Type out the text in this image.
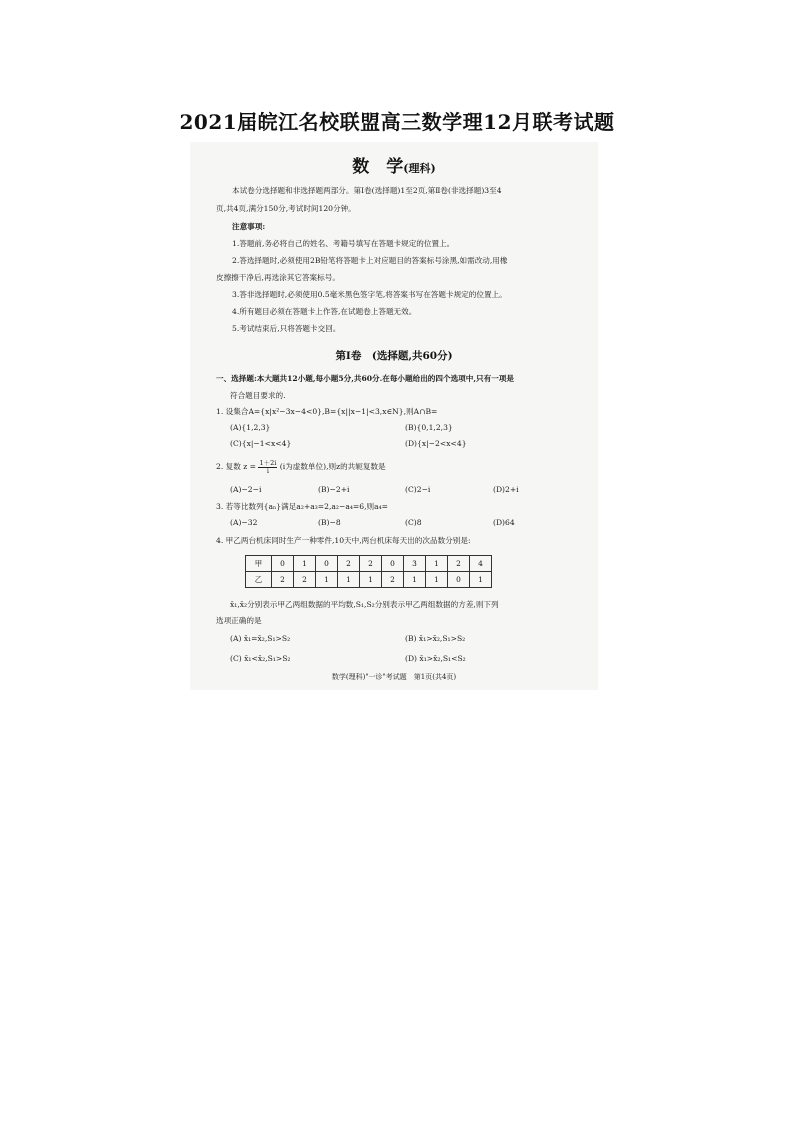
2021届皖江名校联盟高三数学理12月联考试题
数　学(理科)
本试卷分选择题和非选择题两部分。第Ⅰ卷(选择题)1至2页,第Ⅱ卷(非选择题)3至4
页,共4页,满分150分,考试时间120分钟。
注意事项:
1.答题前,务必将自己的姓名、考籍号填写在答题卡规定的位置上。
2.答选择题时,必须使用2B铅笔将答题卡上对应题目的答案标号涂黑,如需改动,用橡
皮擦擦干净后,再选涂其它答案标号。
3.答非选择题时,必须使用0.5毫米黑色签字笔,将答案书写在答题卡规定的位置上。
4.所有题目必须在答题卡上作答,在试题卷上答题无效。
5.考试结束后,只将答题卡交回。
第Ⅰ卷　(选择题,共60分)
一、选择题:本大题共12小题,每小题5分,共60分.在每小题给出的四个选项中,只有一项是
符合题目要求的.
1. 设集合A={x|x²−3x−4<0},B={x||x−1|<3,x∈N},则A∩B=
(A){1,2,3}	(B){0,1,2,3}
(C){x|−1<x<4}	(D){x|−2<x<4}
2. 复数 $z = \frac{1+2i}{i} (i$为虚数单位),则z的共轭复数是
(A)−2−i	(B)−2+i	(C)2−i	(D)2+i
3. 若等比数列{aₙ}满足a₂+a₃=2,a₂−a₄=6,则a₄=
(A)−32	(B)−8	(C)8	(D)64
4. 甲乙两台机床同时生产一种零件,10天中,两台机床每天出的次品数分别是:
甲	0	1	0	2	2	0	3	1	2	4
乙	2	2	1	1	1	2	1	1	0	1
x̄₁,x̄₂分别表示甲乙两组数据的平均数,S₁,S₂分别表示甲乙两组数据的方差,则下列
选项正确的是
(A) x̄₁=x̄₂,S₁>S₂	(B) x̄₁>x̄₂,S₁>S₂
(C) x̄₁<x̄₂,S₁>S₂	(D) x̄₁>x̄₂,S₁<S₂
数学(理科)"一诊"考试题　第1页(共4页)
